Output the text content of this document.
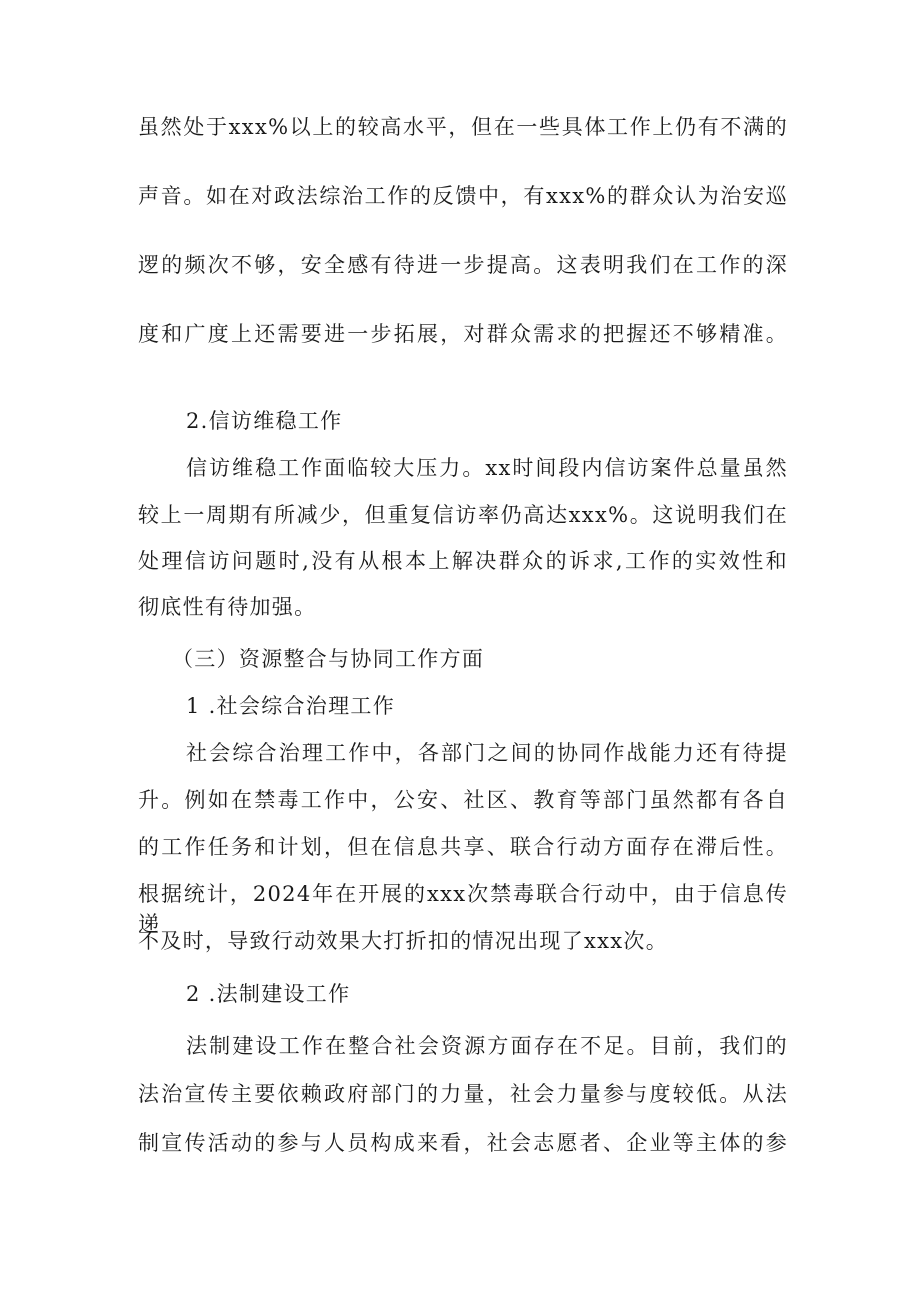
虽然处于xxx%以上的较高水平，但在一些具体工作上仍有不满的
声音。如在对政法综治工作的反馈中，有xxx%的群众认为治安巡
逻的频次不够，安全感有待进一步提高。这表明我们在工作的深
度和广度上还需要进一步拓展，对群众需求的把握还不够精准。
2.信访维稳工作
信访维稳工作面临较大压力。xx时间段内信访案件总量虽然
较上一周期有所减少，但重复信访率仍高达xxx%。这说明我们在
处理信访问题时,没有从根本上解决群众的诉求,工作的实效性和
彻底性有待加强。
（三）资源整合与协同工作方面
1 .社会综合治理工作
社会综合治理工作中，各部门之间的协同作战能力还有待提
升。例如在禁毒工作中，公安、社区、教育等部门虽然都有各自
的工作任务和计划，但在信息共享、联合行动方面存在滞后性。
根据统计，2024年在开展的xxx次禁毒联合行动中，由于信息传递
不及时，导致行动效果大打折扣的情况出现了xxx次。
2 .法制建设工作
法制建设工作在整合社会资源方面存在不足。目前，我们的
法治宣传主要依赖政府部门的力量，社会力量参与度较低。从法
制宣传活动的参与人员构成来看，社会志愿者、企业等主体的参
